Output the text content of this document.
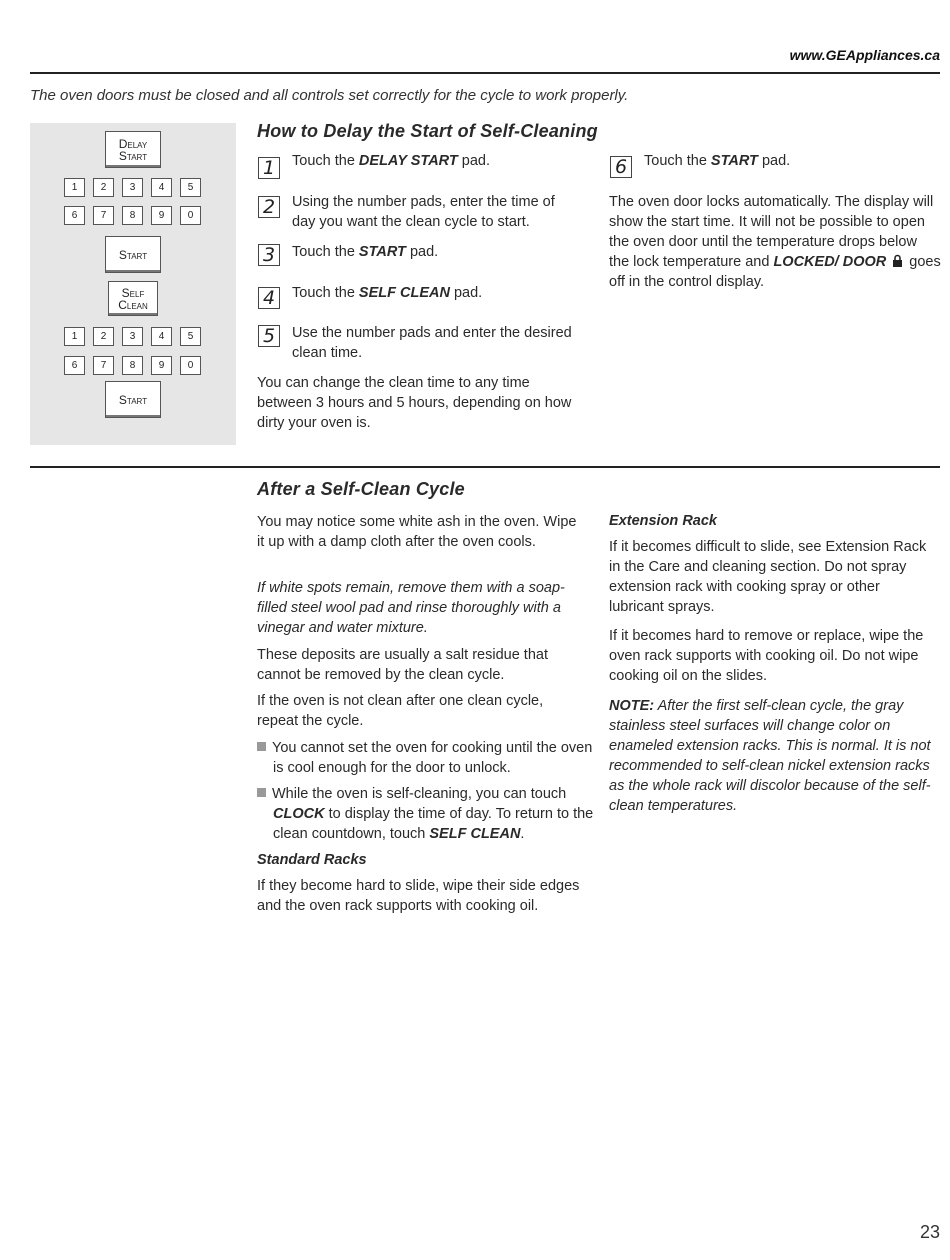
www.GEAppliances.ca
The oven doors must be closed and all controls set correctly for the cycle to work properly.
Delay
Start
Start
Self
Clean
Start
1	2	3	4	5
6	7	8	9	0
1	2	3	4	5
6	7	8	9	0
How to Delay the Start of Self-Cleaning
1	Touch the DELAY START pad.
2	Using the number pads, enter the time of day you want the clean cycle to start.
3	Touch the START pad.
4	Touch the SELF CLEAN pad.
5	Use the number pads and enter the desired clean time.
You can change the clean time to any time between 3 hours and 5 hours, depending on how dirty your oven is.
6	Touch the START pad.
The oven door locks automatically. The display will show the start time. It will not be possible to open the oven door until the temperature drops below the lock temperature and LOCKED/ DOOR  goes off in the control display.
After a Self-Clean Cycle
You may notice some white ash in the oven. Wipe it up with a damp cloth after the oven cools.
If white spots remain, remove them with a soap-filled steel wool pad and rinse thoroughly with a vinegar and water mixture.
These deposits are usually a salt residue that cannot be removed by the clean cycle.
If the oven is not clean after one clean cycle, repeat the cycle.
You cannot set the oven for cooking until the oven is cool enough for the door to unlock.
While the oven is self-cleaning, you can touch CLOCK to display the time of day. To return to the clean countdown, touch SELF CLEAN.
Standard Racks
If they become hard to slide, wipe their side edges and the oven rack supports with cooking oil.
Extension Rack
If it becomes difficult to slide, see Extension Rack in the Care and cleaning section. Do not spray extension rack with cooking spray or other lubricant sprays.
If it becomes hard to remove or replace, wipe the oven rack supports with cooking oil. Do not wipe cooking oil on the slides.
NOTE: After the first self-clean cycle, the gray stainless steel surfaces will change color on enameled extension racks. This is normal. It is not recommended to self-clean nickel extension racks as the whole rack will discolor because of the self-clean temperatures.
23
